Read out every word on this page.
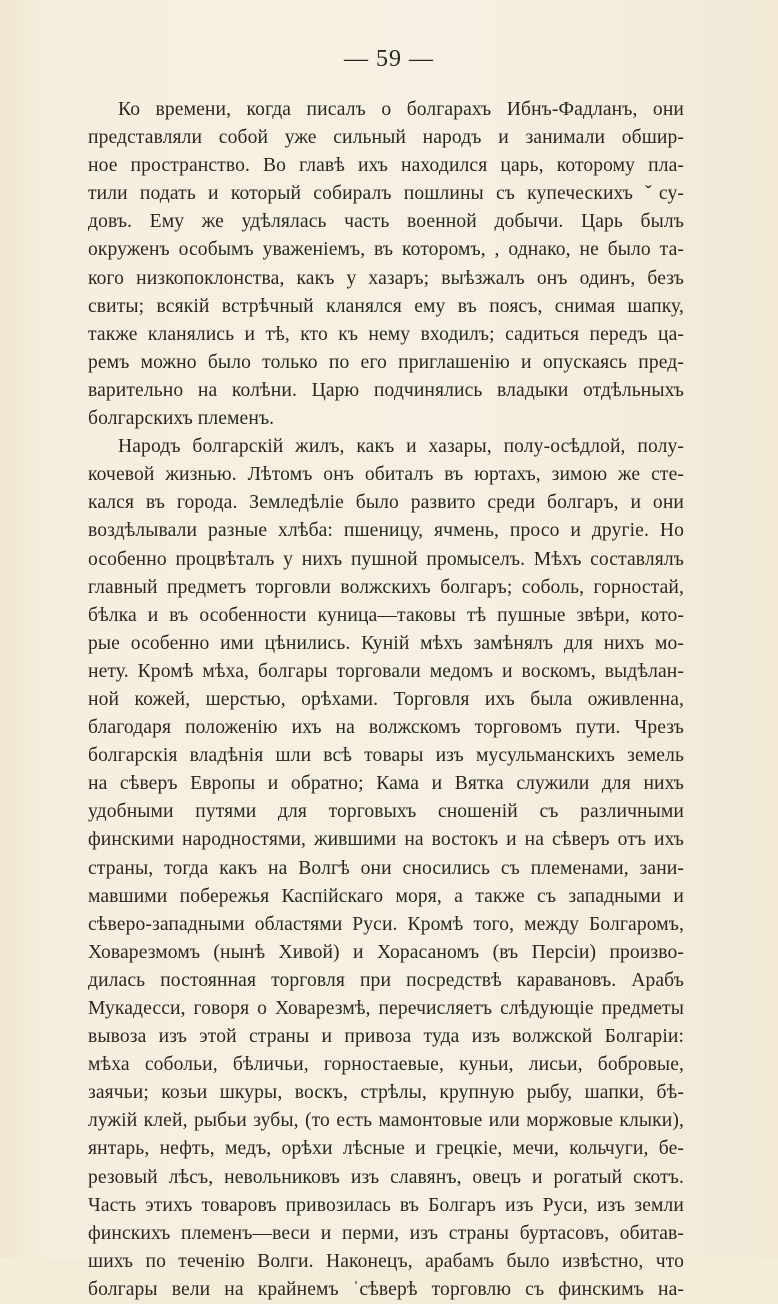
— 59 —
Ко времени, когда писалъ о болгарахъ Ибнъ-Фадланъ, они
представляли собой уже сильный народъ и занимали обшир-
ное пространство. Во главѣ ихъ находился царь, которому пла-
тили подать и который собиралъ пошлины съ купеческихъ ˇсу-
довъ. Ему же удѣлялась часть военной добычи. Царь былъ
окруженъ особымъ уваженіемъ, въ которомъ, , однако, не было та-
кого низкопоклонства, какъ у хазаръ; выѣзжалъ онъ одинъ, безъ
свиты; всякій встрѣчный кланялся ему въ поясъ, снимая шапку,
также кланялись и тѣ, кто къ нему входилъ; садиться передъ ца-
ремъ можно было только по его приглашенію и опускаясь пред-
варительно на колѣни. Царю подчинялись владыки отдѣльныхъ
болгарскихъ племенъ.
Народъ болгарскій жилъ, какъ и хазары, полу-осѣдлой, полу-
кочевой жизнью. Лѣтомъ онъ обиталъ въ юртахъ, зимою же сте-
кался въ города. Земледѣліе было развито среди болгаръ, и они
воздѣлывали разные хлѣба: пшеницу, ячмень, просо и другіе. Но
особенно процвѣталъ у нихъ пушной промыселъ. Мѣхъ составлялъ
главный предметъ торговли волжскихъ болгаръ; соболь, горностай,
бѣлка и въ особенности куница—таковы тѣ пушные звѣри, кото-
рые особенно ими цѣнились. Куній мѣхъ замѣнялъ для нихъ мо-
нету. Кромѣ мѣха, болгары торговали медомъ и воскомъ, выдѣлан-
ной кожей, шерстью, орѣхами. Торговля ихъ была оживленна,
благодаря положенію ихъ на волжскомъ торговомъ пути. Чрезъ
болгарскія владѣнія шли всѣ товары изъ мусульманскихъ земель
на сѣверъ Европы и обратно; Кама и Вятка служили для нихъ
удобными путями для торговыхъ сношеній съ различными
финскими народностями, жившими на востокъ и на сѣверъ отъ ихъ
страны, тогда какъ на Волгѣ они сносились съ племенами, зани-
мавшими побережья Каспійскаго моря, а также съ западными и
сѣверо-западными областями Руси. Кромѣ того, между Болгаромъ,
Ховарезмомъ (нынѣ Хивой) и Хорасаномъ (въ Персіи) произво-
дилась постоянная торговля при посредствѣ каравановъ. Арабъ
Мукадесси, говоря о Ховарезмѣ, перечисляетъ слѣдующіе предметы
вывоза изъ этой страны и привоза туда изъ волжской Болгаріи:
мѣха собольи, бѣличьи, горностаевые, куньи, лисьи, бобровые,
заячьи; козьи шкуры, воскъ, стрѣлы, крупную рыбу, шапки, бѣ-
лужій клей, рыбьи зубы, (то есть мамонтовые или моржовые клыки),
янтарь, нефть, медъ, орѣхи лѣсные и грецкіе, мечи, кольчуги, бе-
резовый лѣсъ, невольниковъ изъ славянъ, овецъ и рогатый скотъ.
Часть этихъ товаровъ привозилась въ Болгаръ изъ Руси, изъ земли
финскихъ племенъ—веси и перми, изъ страны буртасовъ, обитав-
шихъ по теченію Волги. Наконецъ, арабамъ было извѣстно, что
болгары вели на крайнемъ ˈсѣверѣ торговлю съ финскимъ на-
